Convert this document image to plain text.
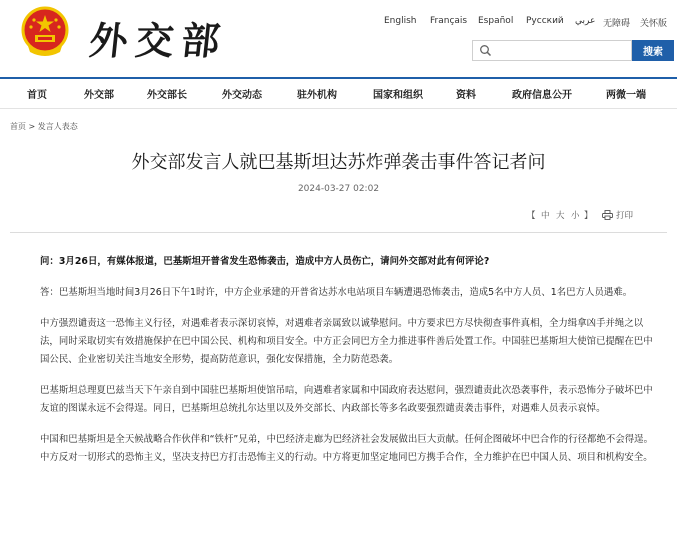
外交部	English Français Español Русский عربي 无障碍 关怀版
搜索
首页	外交部	外交部长	外交动态	驻外机构	国家和组织	资料	政府信息公开	两微一端
首页 > 发言人表态
外交部发言人就巴基斯坦达苏炸弹袭击事件答记者问
2024-03-27 02:02
【 中 大 小 】	打印

问：3月26日，有媒体报道，巴基斯坦开普省发生恐怖袭击，造成中方人员伤亡，请问外交部对此有何评论?

答：巴基斯坦当地时间3月26日下午1时许，中方企业承建的开普省达苏水电站项目车辆遭遇恐怖袭击，造成5名中方人员、1名巴方人员遇难。

中方强烈谴责这一恐怖主义行径，对遇难者表示深切哀悼，对遇难者亲属致以诚挚慰问。中方要求巴方尽快彻查事件真相，全力缉拿凶手并绳之以法，同时采取切实有效措施保护在巴中国公民、机构和项目安全。中方正会同巴方全力推进事件善后处置工作。中国驻巴基斯坦大使馆已提醒在巴中国公民、企业密切关注当地安全形势，提高防范意识，强化安保措施，全力防范恐袭。

巴基斯坦总理夏巴兹当天下午亲自到中国驻巴基斯坦使馆吊唁，向遇难者家属和中国政府表达慰问，强烈谴责此次恐袭事件，表示恐怖分子破坏巴中友谊的图谋永远不会得逞。同日，巴基斯坦总统扎尔达里以及外交部长、内政部长等多名政要强烈谴责袭击事件，对遇难人员表示哀悼。

中国和巴基斯坦是全天候战略合作伙伴和“铁杆”兄弟，中巴经济走廊为巴经济社会发展做出巨大贡献。任何企图破坏中巴合作的行径都绝不会得逞。中方反对一切形式的恐怖主义，坚决支持巴方打击恐怖主义的行动。中方将更加坚定地同巴方携手合作，全力维护在巴中国人员、项目和机构安全。
